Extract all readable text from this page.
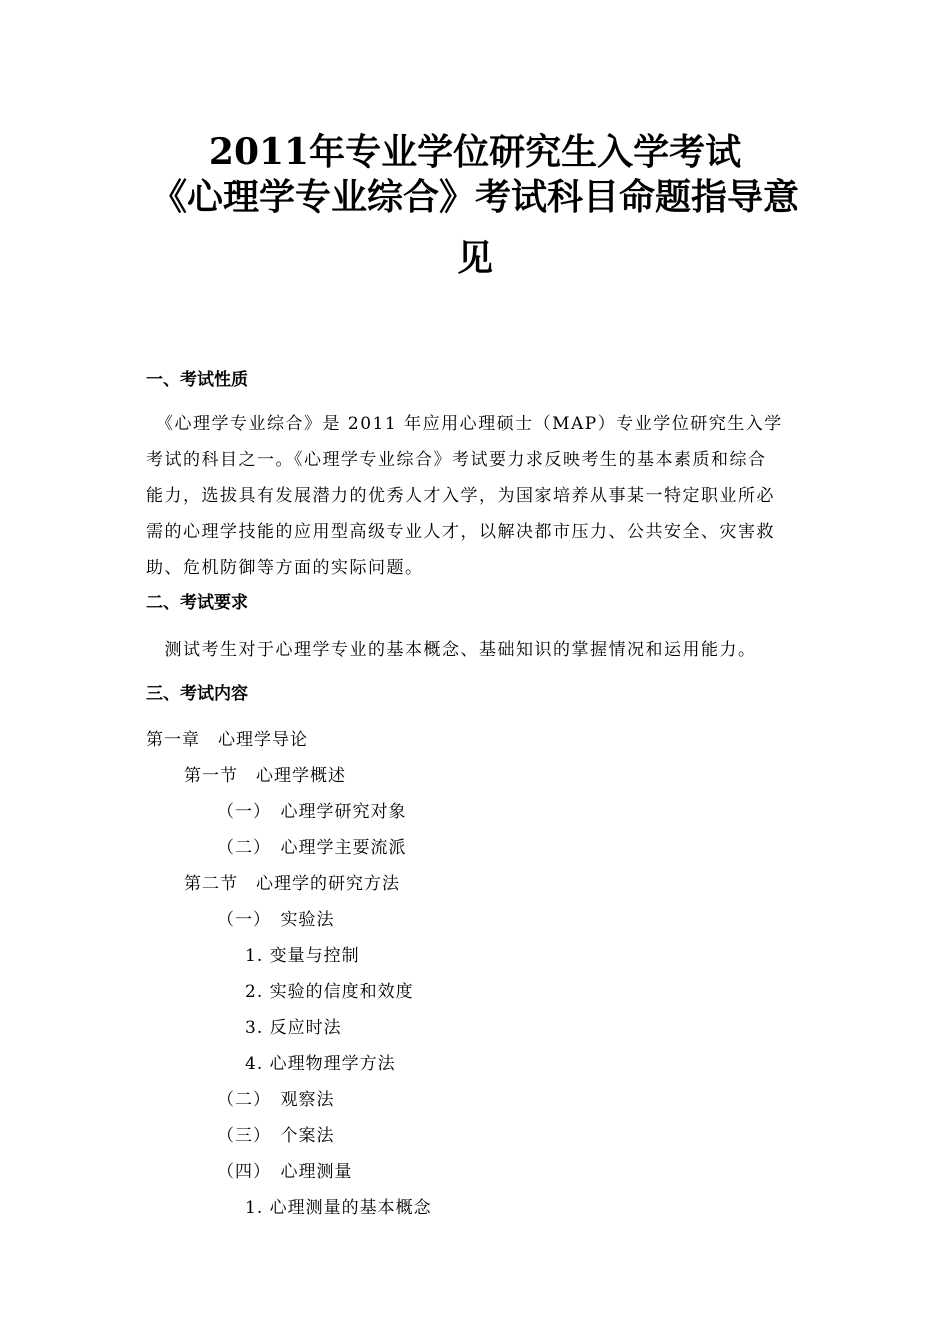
2011年专业学位研究生入学考试
《心理学专业综合》考试科目命题指导意
见
一、考试性质
　《心理学专业综合》是 2011 年应用心理硕士（MAP）专业学位研究生入学
考试的科目之一。《心理学专业综合》考试要力求反映考生的基本素质和综合
能力，选拔具有发展潜力的优秀人才入学，为国家培养从事某一特定职业所必
需的心理学技能的应用型高级专业人才，以解决都市压力、公共安全、灾害救
助、危机防御等方面的实际问题。
二、考试要求
　测试考生对于心理学专业的基本概念、基础知识的掌握情况和运用能力。
三、考试内容
第一章　心理学导论
第一节　心理学概述
（一）　心理学研究对象
（二）　心理学主要流派
第二节　心理学的研究方法
（一）　实验法
1. 变量与控制
2. 实验的信度和效度
3. 反应时法
4. 心理物理学方法
（二）　观察法
（三）　个案法
（四）　心理测量
1. 心理测量的基本概念
